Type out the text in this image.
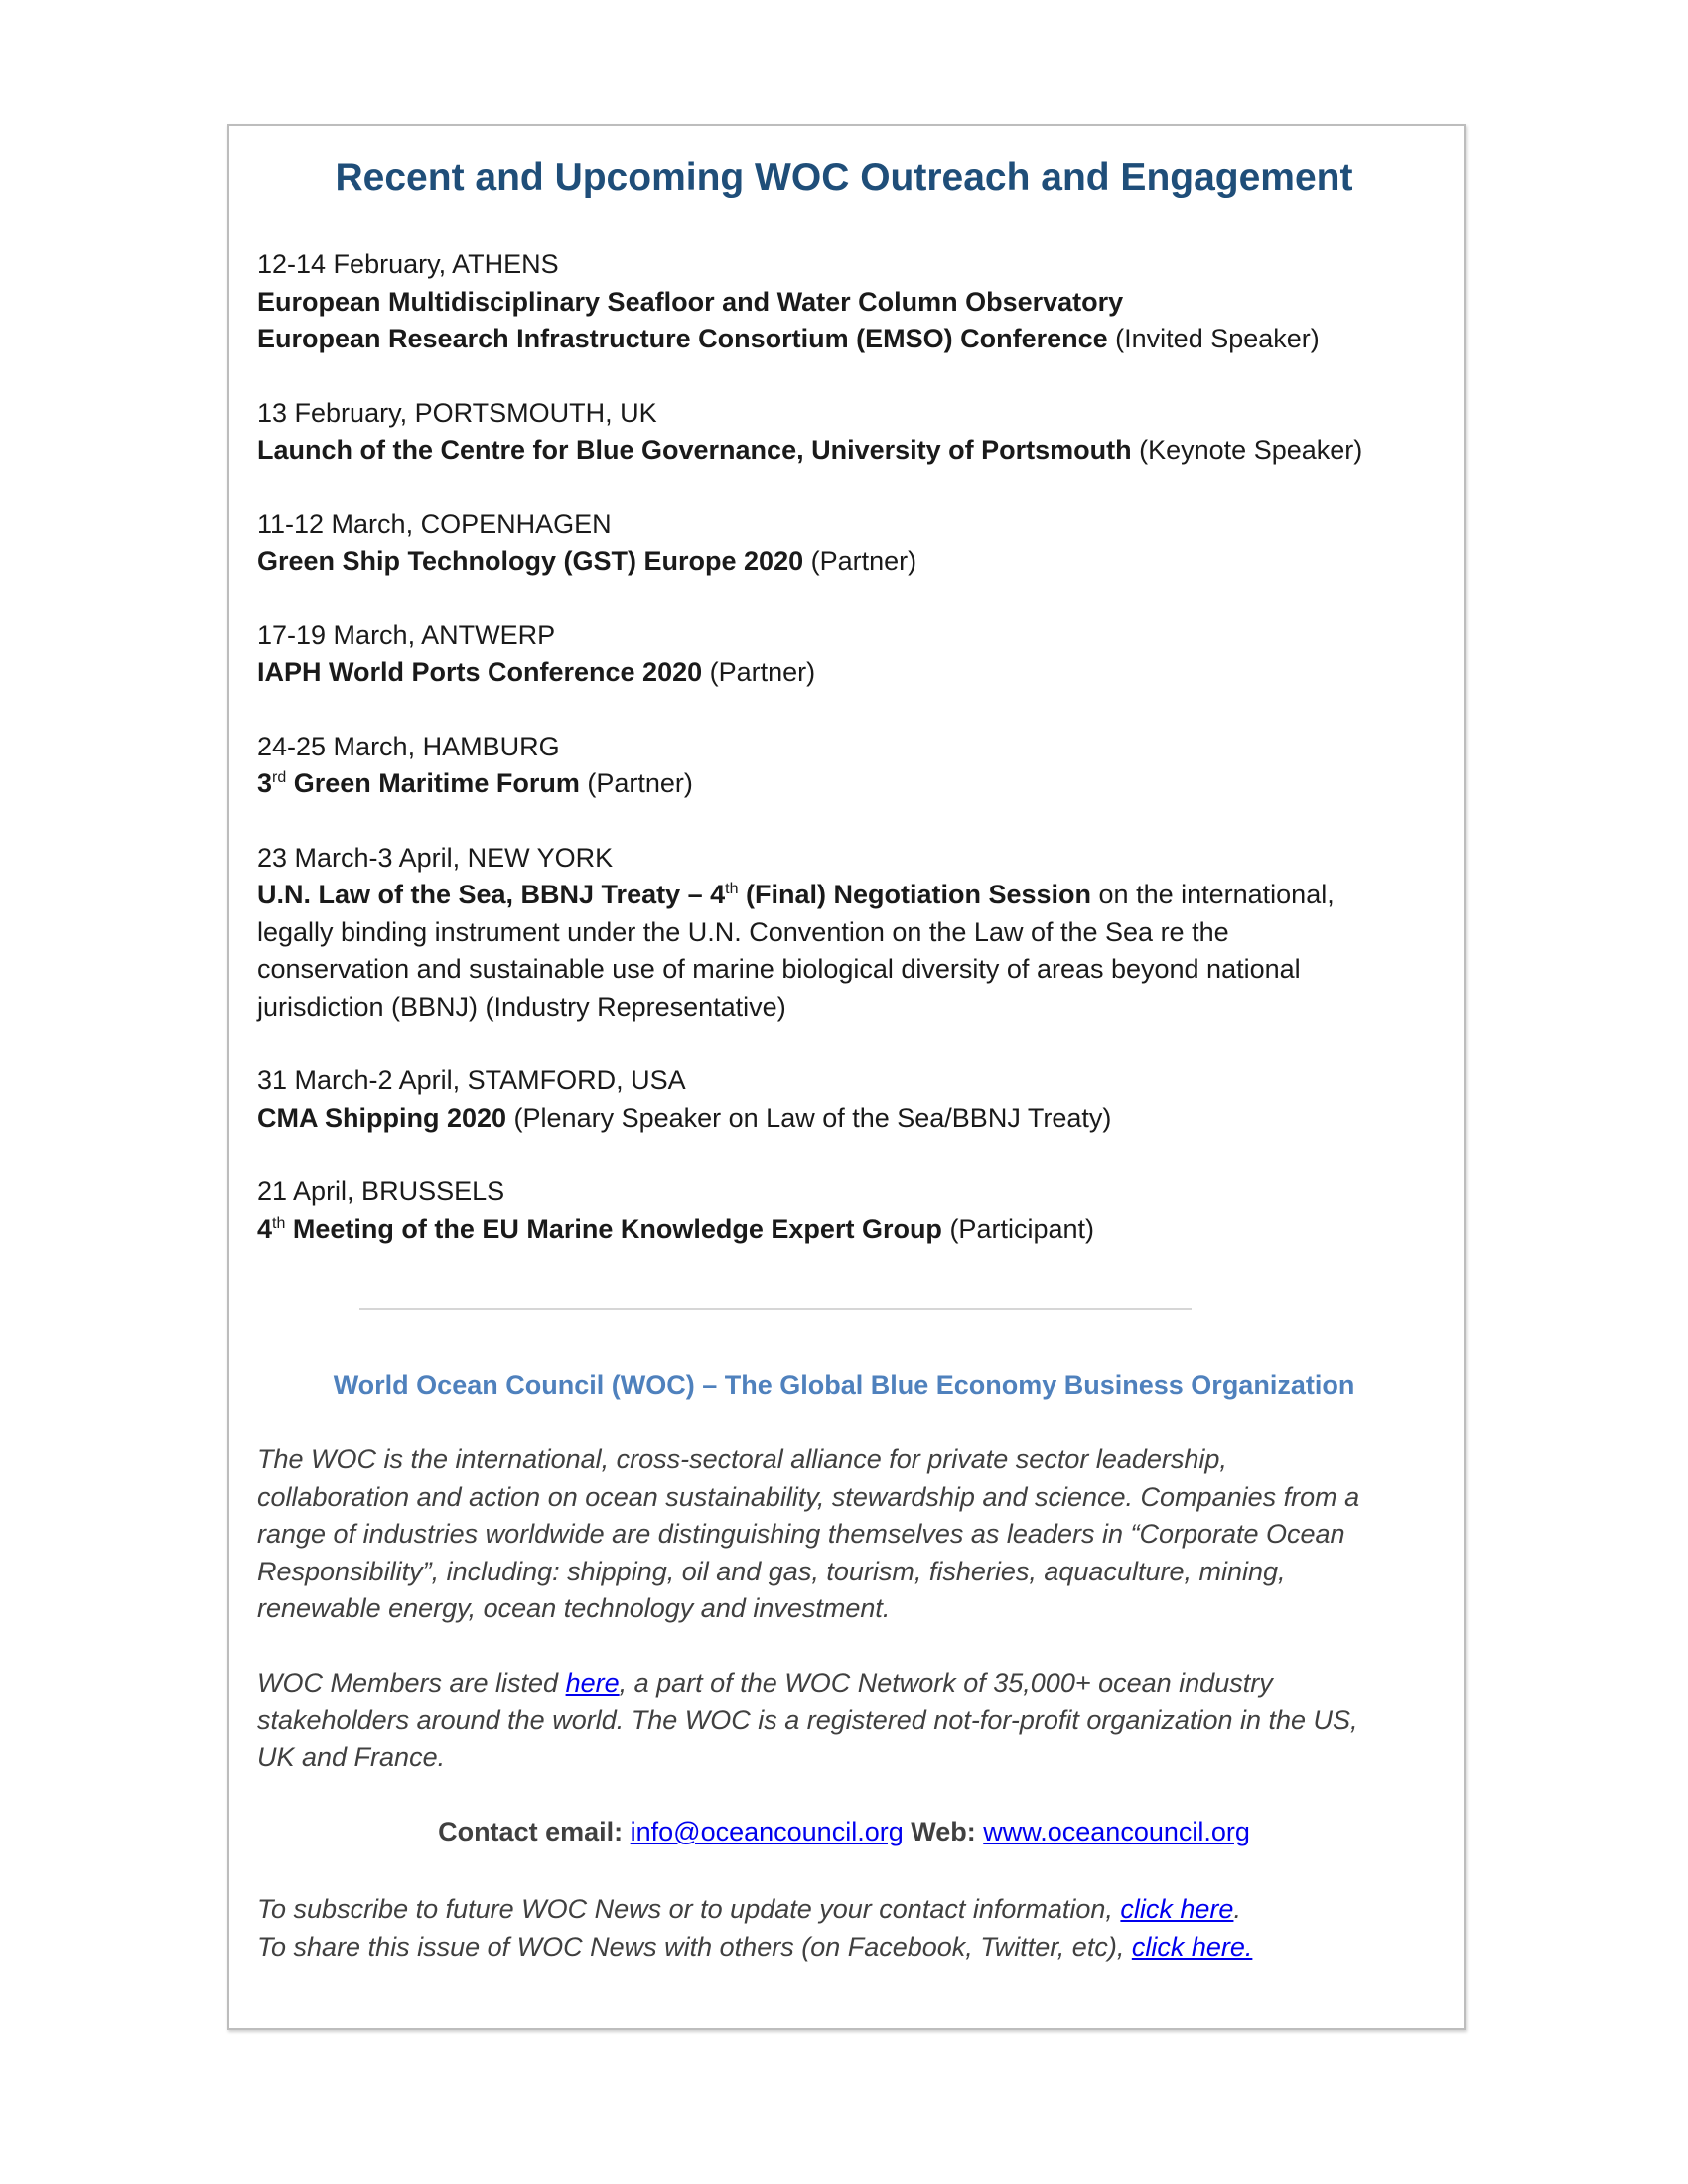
Recent and Upcoming WOC Outreach and Engagement
12-14 February, ATHENS
European Multidisciplinary Seafloor and Water Column Observatory
European Research Infrastructure Consortium (EMSO) Conference (Invited Speaker)
13 February, PORTSMOUTH, UK
Launch of the Centre for Blue Governance, University of Portsmouth (Keynote Speaker)
11-12 March, COPENHAGEN
Green Ship Technology (GST) Europe 2020 (Partner)
17-19 March, ANTWERP
IAPH World Ports Conference 2020 (Partner)
24-25 March, HAMBURG
3rd Green Maritime Forum (Partner)
23 March-3 April, NEW YORK
U.N. Law of the Sea, BBNJ Treaty – 4th (Final) Negotiation Session on the international, legally binding instrument under the U.N. Convention on the Law of the Sea re the conservation and sustainable use of marine biological diversity of areas beyond national jurisdiction (BBNJ) (Industry Representative)
31 March-2 April, STAMFORD, USA
CMA Shipping 2020 (Plenary Speaker on Law of the Sea/BBNJ Treaty)
21 April, BRUSSELS
4th Meeting of the EU Marine Knowledge Expert Group (Participant)
World Ocean Council (WOC) – The Global Blue Economy Business Organization

The WOC is the international, cross-sectoral alliance for private sector leadership, collaboration and action on ocean sustainability, stewardship and science. Companies from a range of industries worldwide are distinguishing themselves as leaders in “Corporate Ocean Responsibility”, including: shipping, oil and gas, tourism, fisheries, aquaculture, mining, renewable energy, ocean technology and investment.

WOC Members are listed here, a part of the WOC Network of 35,000+ ocean industry stakeholders around the world. The WOC is a registered not-for-profit organization in the US, UK and France.

Contact email: info@oceancouncil.org Web: www.oceancouncil.org
To subscribe to future WOC News or to update your contact information, click here.
To share this issue of WOC News with others (on Facebook, Twitter, etc), click here.
